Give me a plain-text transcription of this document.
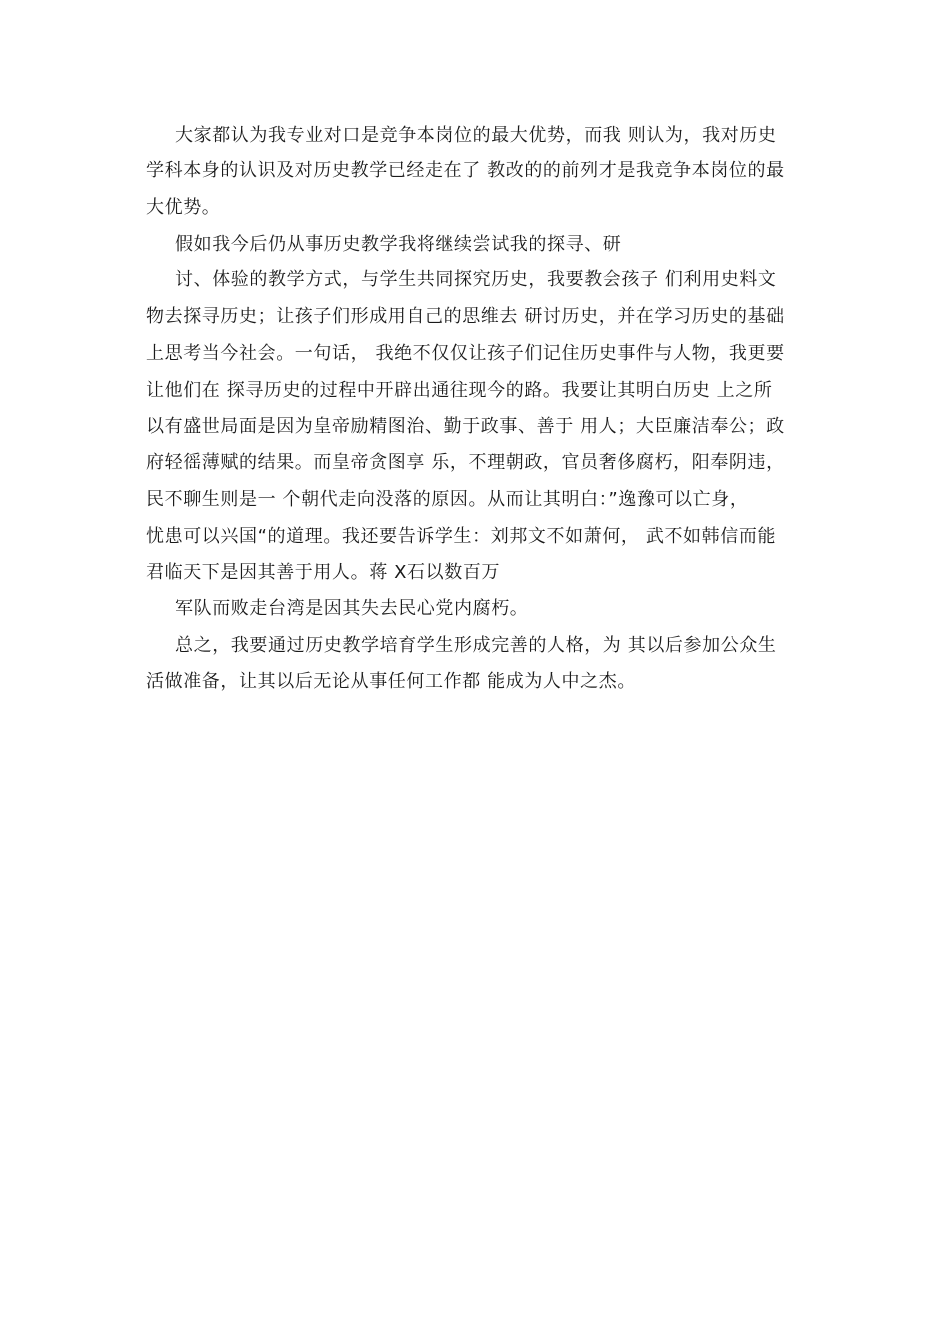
大家都认为我专业对口是竞争本岗位的最大优势，而我 则认为，我对历史
学科本身的认识及对历史教学已经走在了 教改的的前列才是我竞争本岗位的最
大优势。
假如我今后仍从事历史教学我将继续尝试我的探寻、研
讨、体验的教学方式，与学生共同探究历史，我要教会孩子 们利用史料文
物去探寻历史；让孩子们形成用自己的思维去 研讨历史，并在学习历史的基础
上思考当今社会。一句话， 我绝不仅仅让孩子们记住历史事件与人物，我更要
让他们在 探寻历史的过程中开辟出通往现今的路。我要让其明白历史 上之所
以有盛世局面是因为皇帝励精图治、勤于政事、善于 用人；大臣廉洁奉公；政
府轻徭薄赋的结果。而皇帝贪图享 乐，不理朝政，官员奢侈腐朽，阳奉阴违，
民不聊生则是一 个朝代走向没落的原因。从而让其明白：”逸豫可以亡身，
忧患可以兴国“的道理。我还要告诉学生：刘邦文不如萧何， 武不如韩信而能
君临天下是因其善于用人。蒋 X石以数百万
军队而败走台湾是因其失去民心党内腐朽。
总之，我要通过历史教学培育学生形成完善的人格，为 其以后参加公众生
活做准备，让其以后无论从事任何工作都 能成为人中之杰。
